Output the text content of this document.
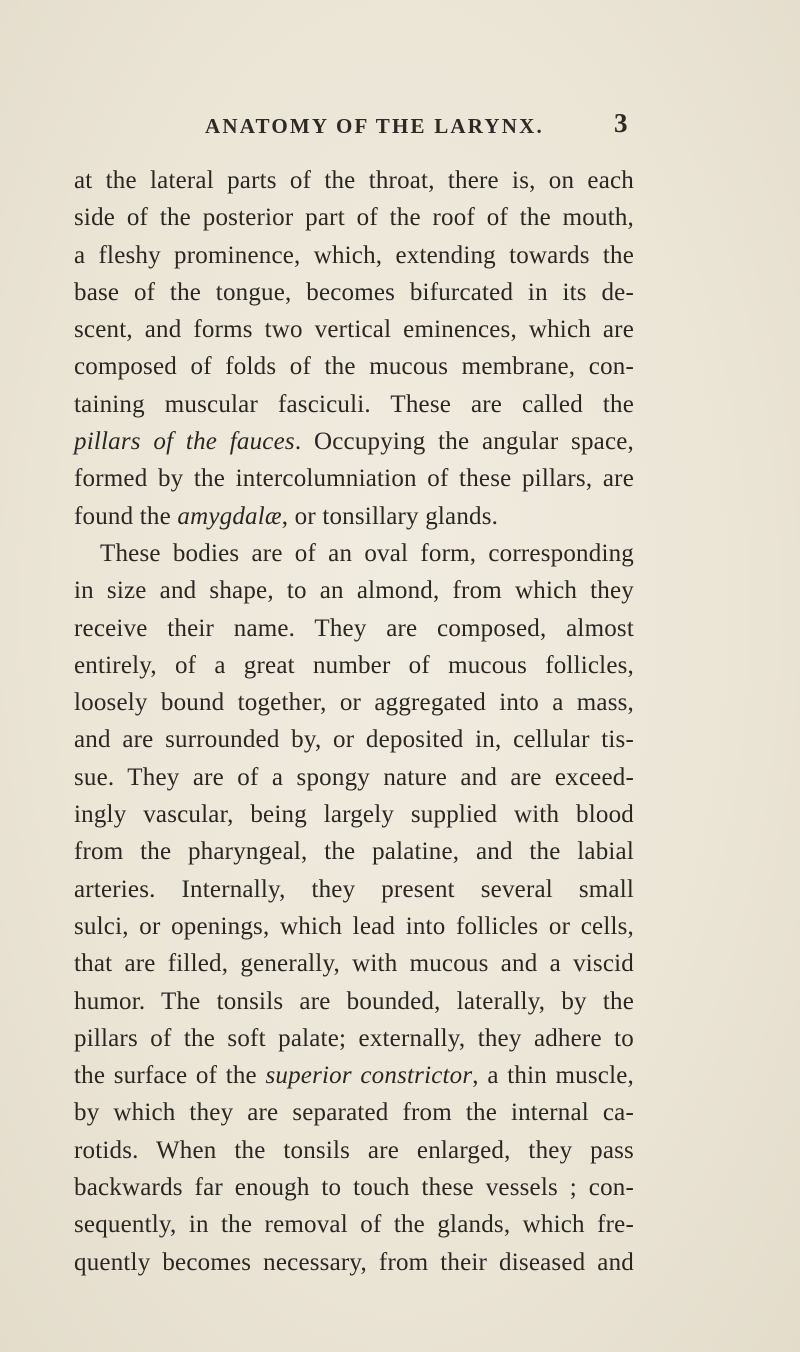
ANATOMY OF THE LARYNX.	3
at the lateral parts of the throat, there is, on each
side of the posterior part of the roof of the mouth,
a fleshy prominence, which, extending towards the
base of the tongue, becomes bifurcated in its de-
scent, and forms two vertical eminences, which are
composed of folds of the mucous membrane, con-
taining muscular fasciculi. These are called the
pillars of the fauces. Occupying the angular space,
formed by the intercolumniation of these pillars, are
found the amygdalæ, or tonsillary glands.
These bodies are of an oval form, corresponding
in size and shape, to an almond, from which they
receive their name. They are composed, almost
entirely, of a great number of mucous follicles,
loosely bound together, or aggregated into a mass,
and are surrounded by, or deposited in, cellular tis-
sue. They are of a spongy nature and are exceed-
ingly vascular, being largely supplied with blood
from the pharyngeal, the palatine, and the labial
arteries. Internally, they present several small
sulci, or openings, which lead into follicles or cells,
that are filled, generally, with mucous and a viscid
humor. The tonsils are bounded, laterally, by the
pillars of the soft palate; externally, they adhere to
the surface of the superior constrictor, a thin muscle,
by which they are separated from the internal ca-
rotids. When the tonsils are enlarged, they pass
backwards far enough to touch these vessels ; con-
sequently, in the removal of the glands, which fre-
quently becomes necessary, from their diseased and
